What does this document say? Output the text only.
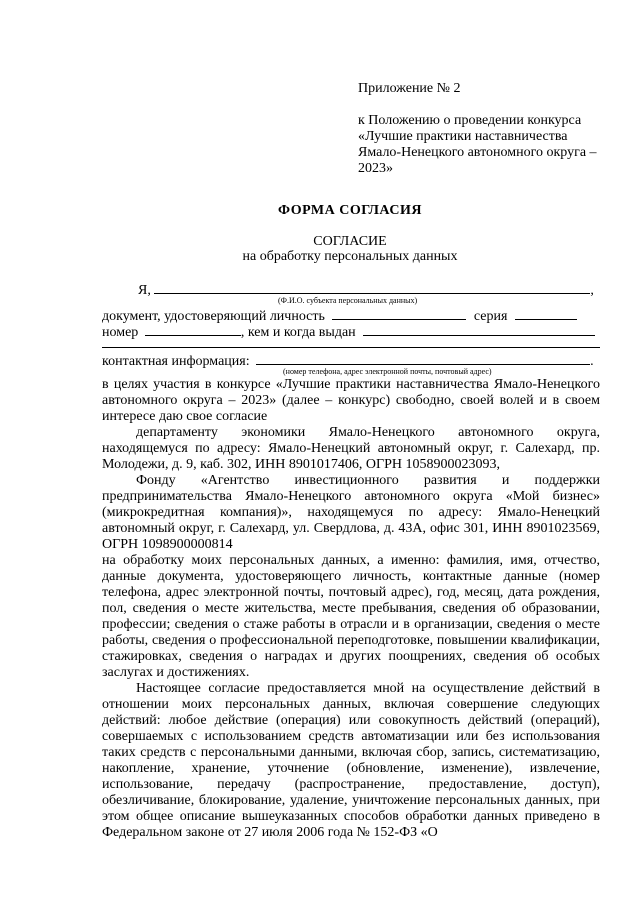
Приложение № 2
к Положению о проведении конкурса «Лучшие практики наставничества Ямало-Ненецкого автономного округа – 2023»
ФОРМА СОГЛАСИЯ
СОГЛАСИЕ
на обработку персональных данных
Я,	,
(Ф.И.О. субъекта персональных данных)
документ, удостоверяющий личность	серия
номер	, кем и когда выдан
контактная информация:	.
(номер телефона, адрес электронной почты, почтовый адрес)

в целях участия в конкурсе «Лучшие практики наставничества Ямало-Ненецкого автономного округа – 2023» (далее – конкурс) свободно, своей волей и в своем интересе даю свое согласие

департаменту экономики Ямало-Ненецкого автономного округа, находящемуся по адресу: Ямало-Ненецкий автономный округ, г. Салехард, пр. Молодежи, д. 9, каб. 302, ИНН 8901017406, ОГРН 1058900023093,

Фонду «Агентство инвестиционного развития и поддержки предпринимательства Ямало-Ненецкого автономного округа «Мой бизнес» (микрокредитная компания)», находящемуся по адресу: Ямало-Ненецкий автономный округ, г. Салехард, ул. Свердлова, д. 43А, офис 301, ИНН 8901023569, ОГРН 1098900000814

на обработку моих персональных данных, а именно: фамилия, имя, отчество, данные документа, удостоверяющего личность, контактные данные (номер телефона, адрес электронной почты, почтовый адрес), год, месяц, дата рождения, пол, сведения о месте жительства, месте пребывания, сведения об образовании, профессии; сведения о стаже работы в отрасли и в организации, сведения о месте работы, сведения о профессиональной переподготовке, повышении квалификации, стажировках, сведения о наградах и других поощрениях, сведения об особых заслугах и достижениях.

Настоящее согласие предоставляется мной на осуществление действий в отношении моих персональных данных, включая совершение следующих действий: любое действие (операция) или совокупность действий (операций), совершаемых с использованием средств автоматизации или без использования таких средств с персональными данными, включая сбор, запись, систематизацию, накопление, хранение, уточнение (обновление, изменение), извлечение, использование, передачу (распространение, предоставление, доступ), обезличивание, блокирование, удаление, уничтожение персональных данных, при этом общее описание вышеуказанных способов обработки данных приведено в Федеральном законе от 27 июля 2006 года № 152-ФЗ «О
